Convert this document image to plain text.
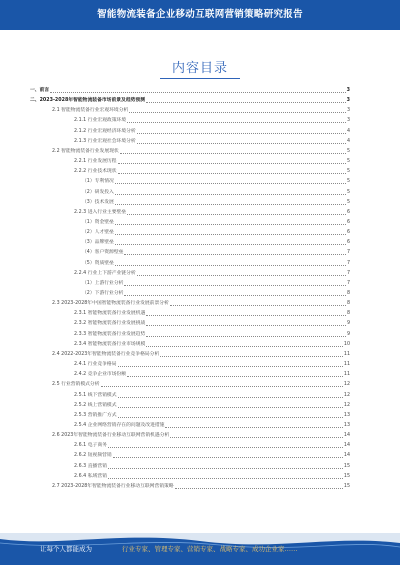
智能物流装备企业移动互联网营销策略研究报告
内容目录
一、前言	3
二、2023-2028年智能物流装备市场前景及趋势预测	3
2.1 智能物流装备行业宏观环境分析	3
2.1.1 行业宏观政策环境	3
2.1.2 行业宏观经济环境分析	4
2.1.3 行业宏观社会环境分析	4
2.2 智能物流装备行业发展现状	5
2.2.1 行业发展历程	5
2.2.2 行业技术现状	5
（1）专利情况	5
（2）研发投入	5
（3）技术发展	5
2.2.3 进入行业主要壁垒	6
（1）资金壁垒	6
（2）人才壁垒	6
（3）品牌壁垒	6
（4）客户资源壁垒	7
（5）资质壁垒	7
2.2.4 行业上下游产业链分析	7
（1）上游行业分析	7
（2）下游行业分析	8
2.3 2023-2028年中国智能物流装备行业发展前景分析	8
2.3.1 智能物流装备行业发展机遇	8
2.3.2 智能物流装备行业发展挑战	9
2.3.3 智能物流装备行业发展趋势	9
2.3.4 智能物流装备行业市场规模	10
2.4 2022-2023年智能物流装备行业竞争格局分析	11
2.4.1 行业竞争格局	11
2.4.2 竞争企业市场份额	11
2.5 行业营销模式分析	12
2.5.1 线下营销模式	12
2.5.2 线上营销模式	12
2.5.3 营销推广方式	13
2.5.4 企业网络营销存在的问题及改进措施	13
2.6 2023年智能物流装备行业移动互联网营销机遇分析	14
2.6.1 电子商务	14
2.6.2 短视频营销	14
2.6.3 直播营销	15
2.6.4 私域营销	15
2.7 2023-2028年智能物流装备行业移动互联网营销策略	15
让每个人都能成为	行业专家、管理专家、营销专家、战略专家、成功企业家……
